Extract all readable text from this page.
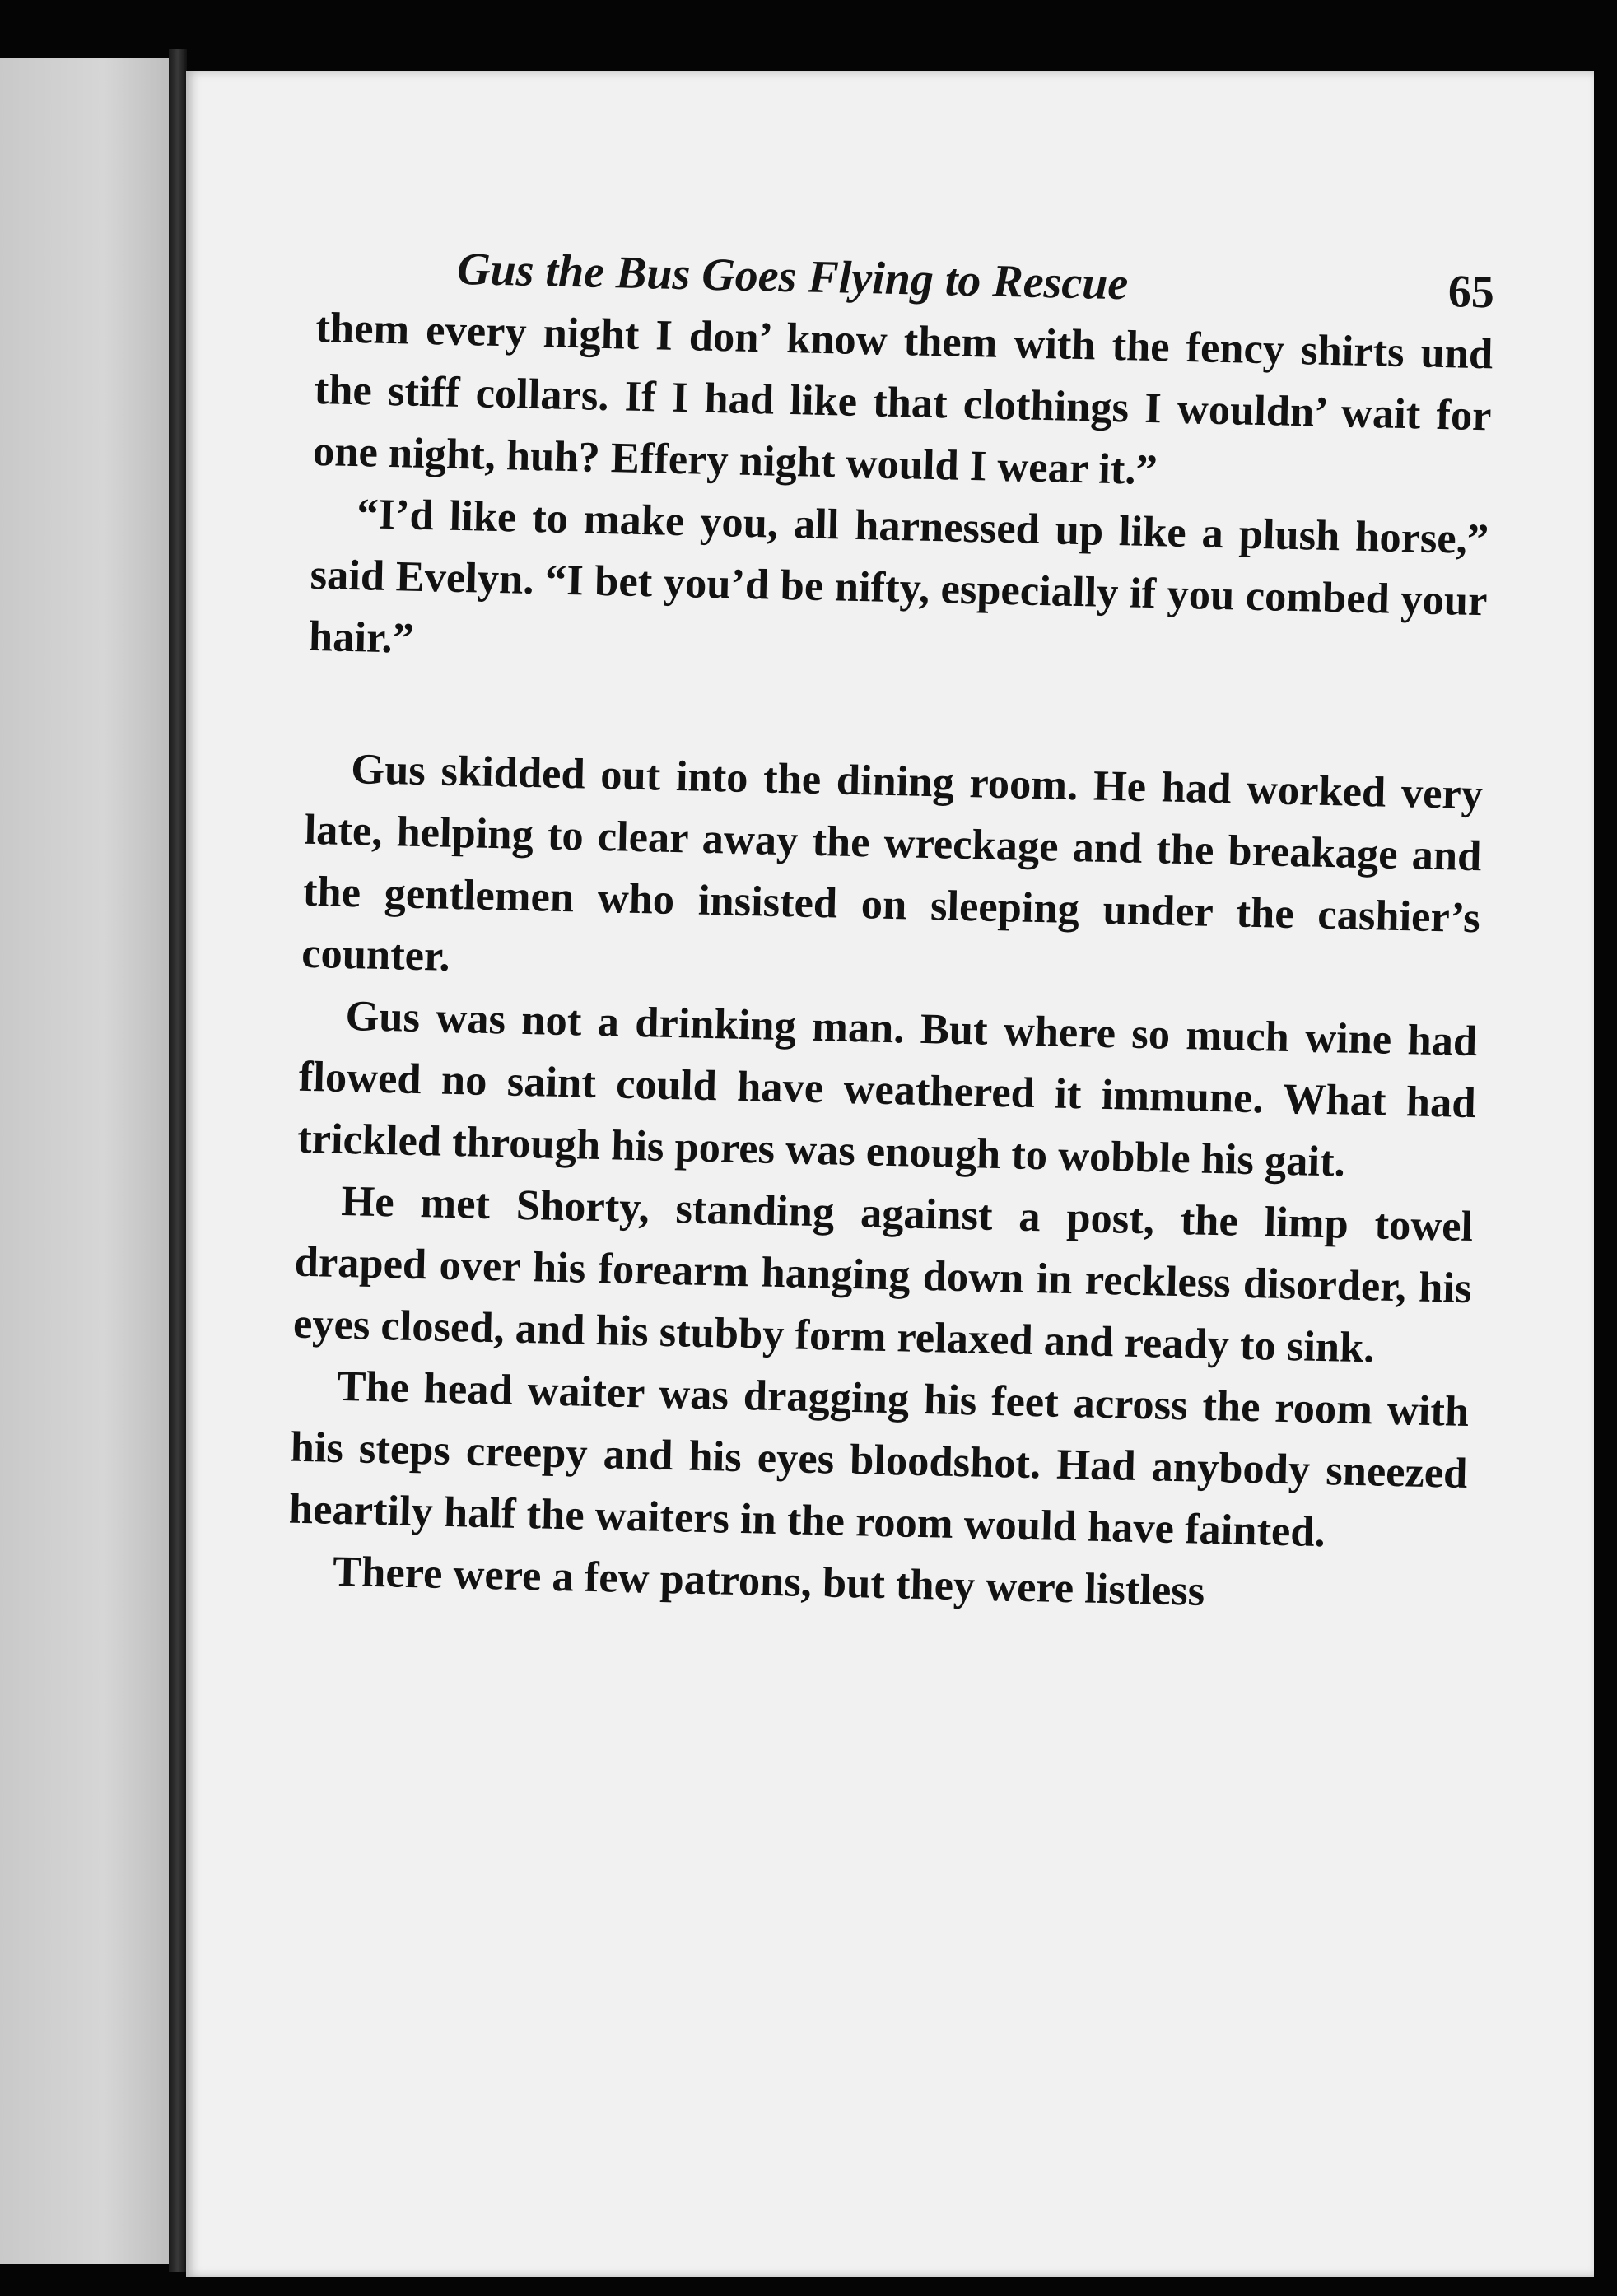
Gus the Bus Goes Flying to Rescue	65

them every night I don’ know them with the fency shirts und the stiff collars. If I had like that clothings I wouldn’ wait for one night, huh? Effery night would I wear it.”

“I’d like to make you, all harnessed up like a plush horse,” said Evelyn. “I bet you’d be nifty, especially if you combed your hair.”

Gus skidded out into the dining room. He had worked very late, helping to clear away the wreckage and the breakage and the gentlemen who insisted on sleeping under the cashier’s counter.

Gus was not a drinking man. But where so much wine had flowed no saint could have weathered it immune. What had trickled through his pores was enough to wobble his gait.

He met Shorty, standing against a post, the limp towel draped over his forearm hanging down in reckless disorder, his eyes closed, and his stubby form relaxed and ready to sink.

The head waiter was dragging his feet across the room with his steps creepy and his eyes bloodshot. Had anybody sneezed heartily half the waiters in the room would have fainted.

There were a few patrons, but they were listless
